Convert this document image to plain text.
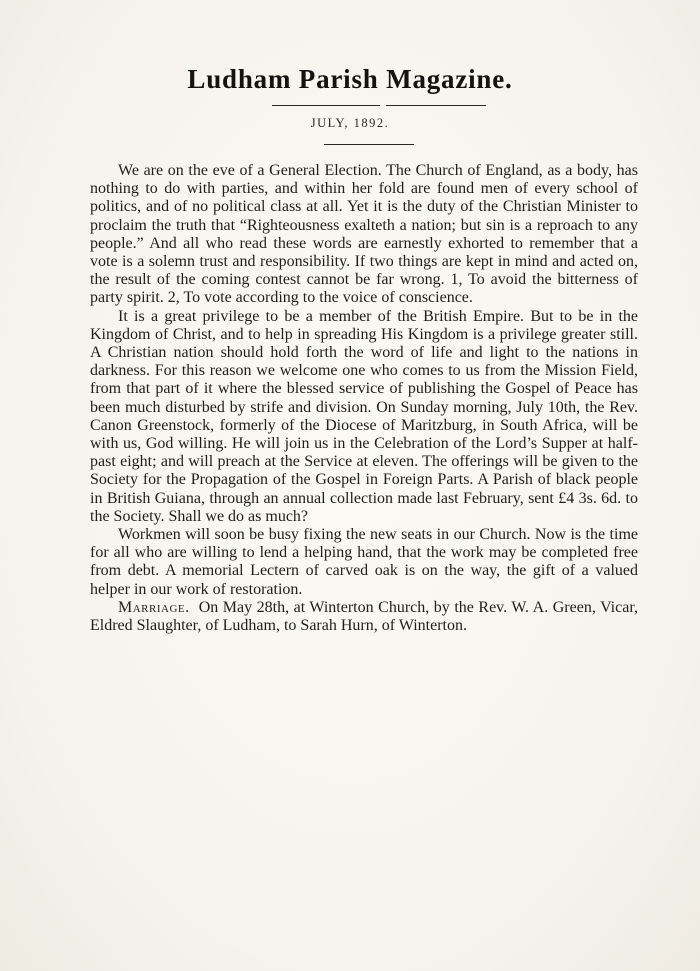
Ludham Parish Magazine.
JULY, 1892.

We are on the eve of a General Election. The Church of England, as a body, has nothing to do with parties, and within her fold are found men of every school of politics, and of no political class at all. Yet it is the duty of the Christian Minister to proclaim the truth that “Righteousness exalteth a nation; but sin is a reproach to any people.” And all who read these words are earnestly exhorted to remember that a vote is a solemn trust and responsibility. If two things are kept in mind and acted on, the result of the coming contest cannot be far wrong. 1, To avoid the bitterness of party spirit. 2, To vote according to the voice of conscience.

It is a great privilege to be a member of the British Empire. But to be in the Kingdom of Christ, and to help in spreading His Kingdom is a privilege greater still. A Christian nation should hold forth the word of life and light to the nations in darkness. For this reason we welcome one who comes to us from the Mission Field, from that part of it where the blessed service of publishing the Gospel of Peace has been much disturbed by strife and division. On Sunday morning, July 10th, the Rev. Canon Greenstock, formerly of the Diocese of Maritzburg, in South Africa, will be with us, God willing. He will join us in the Celebration of the Lord’s Supper at half-past eight; and will preach at the Service at eleven. The offerings will be given to the Society for the Propagation of the Gospel in Foreign Parts. A Parish of black people in British Guiana, through an annual collection made last February, sent £4 3s. 6d. to the Society. Shall we do as much?

Workmen will soon be busy fixing the new seats in our Church. Now is the time for all who are willing to lend a helping hand, that the work may be completed free from debt. A memorial Lectern of carved oak is on the way, the gift of a valued helper in our work of restoration.

Marriage. On May 28th, at Winterton Church, by the Rev. W. A. Green, Vicar, Eldred Slaughter, of Ludham, to Sarah Hurn, of Winterton.
